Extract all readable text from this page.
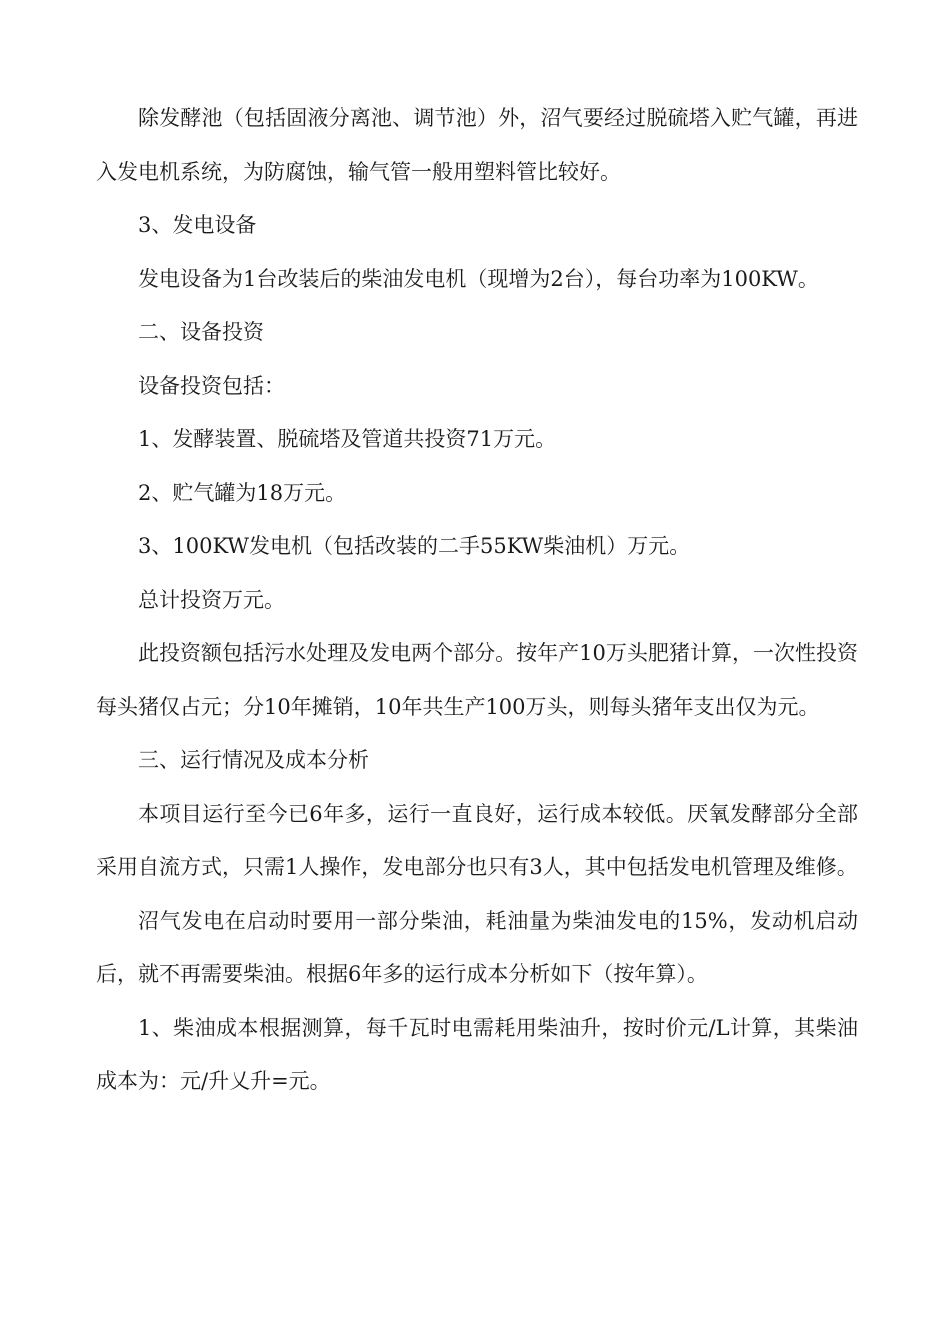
除发酵池（包括固液分离池、调节池）外，沼气要经过脱硫塔入贮气罐，再进入发电机系统，为防腐蚀，输气管一般用塑料管比较好。

3、发电设备

发电设备为1台改装后的柴油发电机（现增为2台），每台功率为100KW。

二、设备投资

设备投资包括：

1、发酵装置、脱硫塔及管道共投资71万元。

2、贮气罐为18万元。

3、100KW发电机（包括改装的二手55KW柴油机）万元。

总计投资万元。

此投资额包括污水处理及发电两个部分。按年产10万头肥猪计算，一次性投资每头猪仅占元；分10年摊销，10年共生产100万头，则每头猪年支出仅为元。

三、运行情况及成本分析

本项目运行至今已6年多，运行一直良好，运行成本较低。厌氧发酵部分全部采用自流方式，只需1人操作，发电部分也只有3人，其中包括发电机管理及维修。

沼气发电在启动时要用一部分柴油，耗油量为柴油发电的15%，发动机启动后，就不再需要柴油。根据6年多的运行成本分析如下（按年算）。

1、柴油成本根据测算，每千瓦时电需耗用柴油升，按时价元/L计算，其柴油成本为：元/升乂升=元。
